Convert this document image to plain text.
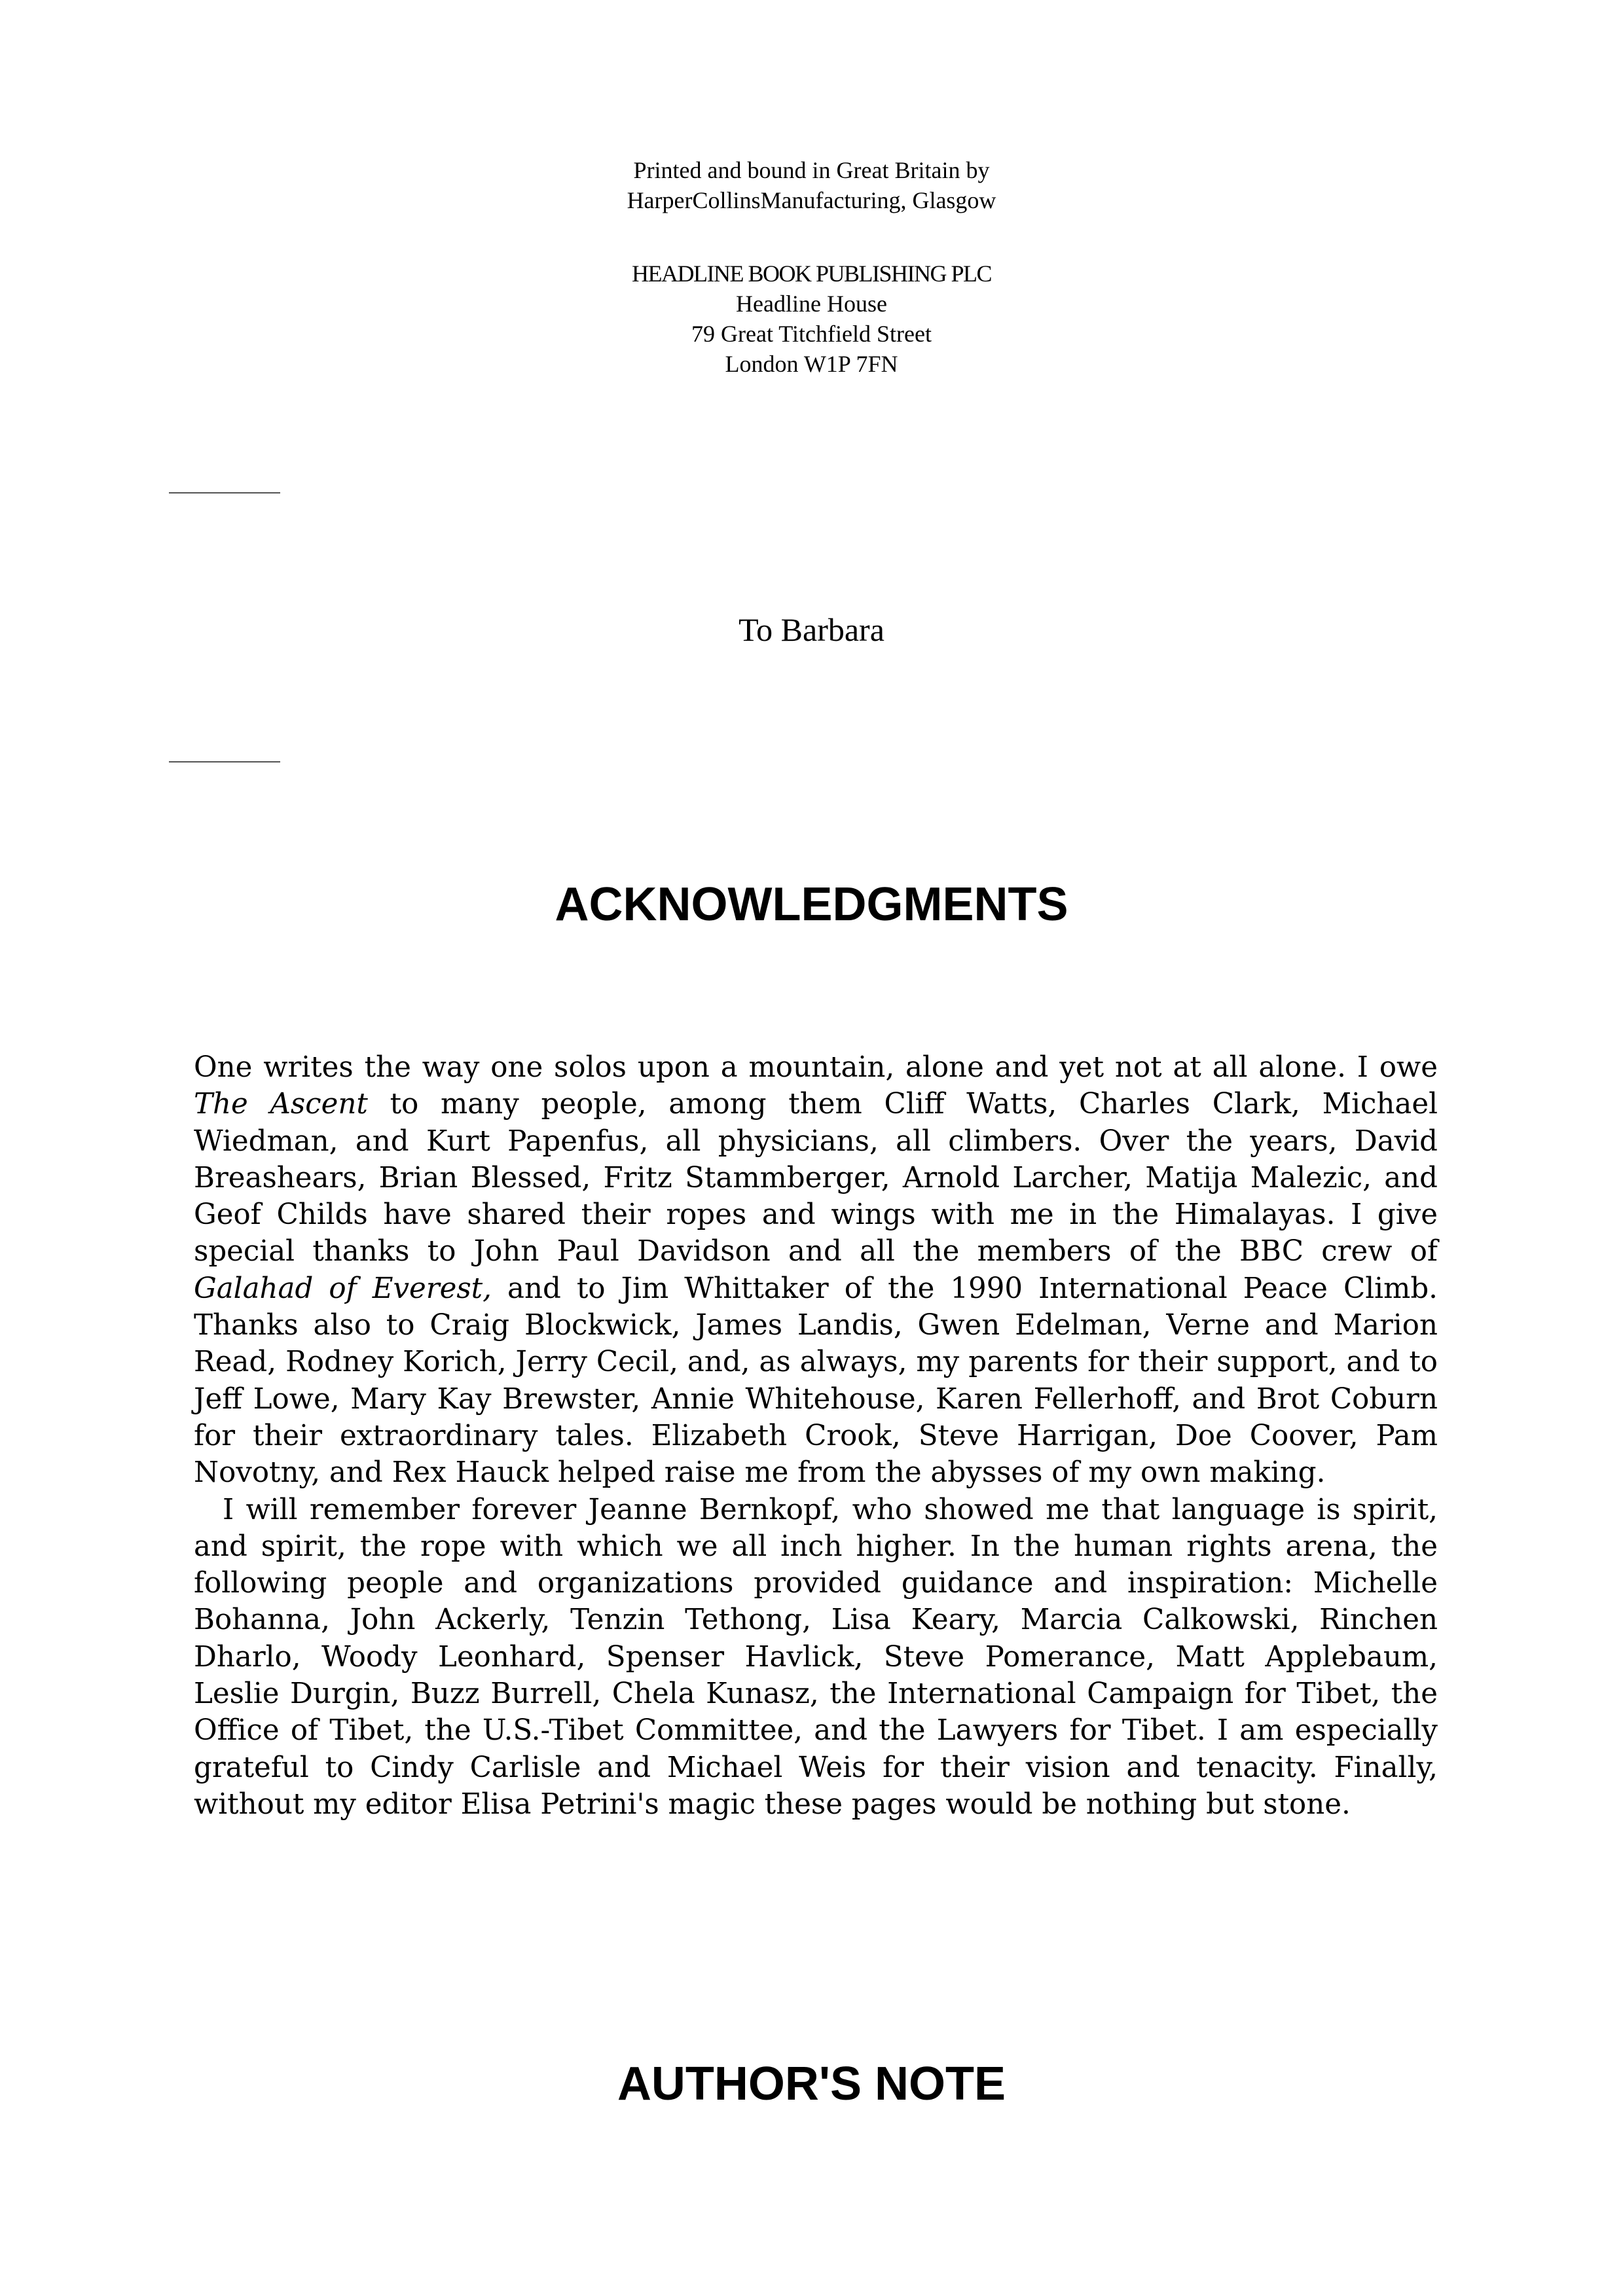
Printed and bound in Great Britain by
HarperCollinsManufacturing, Glasgow
HEADLINE BOOK PUBLISHING PLC
Headline House
79 Great Titchfield Street
London W1P 7FN
To Barbara
ACKNOWLEDGMENTS

One writes the way one solos upon a mountain, alone and yet not at all alone. I owe The Ascent to many people, among them Cliff Watts, Charles Clark, Michael Wiedman, and Kurt Papenfus, all physicians, all climbers. Over the years, David Breashears, Brian Blessed, Fritz Stammberger, Arnold Larcher, Matija Malezic, and Geof Childs have shared their ropes and wings with me in the Himalayas. I give special thanks to John Paul Davidson and all the members of the BBC crew of Galahad of Everest, and to Jim Whittaker of the 1990 International Peace Climb. Thanks also to Craig Blockwick, James Landis, Gwen Edelman, Verne and Marion Read, Rodney Korich, Jerry Cecil, and, as always, my parents for their support, and to Jeff Lowe, Mary Kay Brewster, Annie Whitehouse, Karen Fellerhoff, and Brot Coburn for their extraordinary tales. Elizabeth Crook, Steve Harrigan, Doe Coover, Pam Novotny, and Rex Hauck helped raise me from the abysses of my own making.

I will remember forever Jeanne Bernkopf, who showed me that language is spirit, and spirit, the rope with which we all inch higher. In the human rights arena, the following people and organizations provided guidance and inspiration: Michelle Bohanna, John Ackerly, Tenzin Tethong, Lisa Keary, Marcia Calkowski, Rinchen Dharlo, Woody Leonhard, Spenser Havlick, Steve Pomerance, Matt Applebaum, Leslie Durgin, Buzz Burrell, Chela Kunasz, the International Campaign for Tibet, the Office of Tibet, the U.S.-Tibet Committee, and the Lawyers for Tibet. I am especially grateful to Cindy Carlisle and Michael Weis for their vision and tenacity. Finally, without my editor Elisa Petrini's magic these pages would be nothing but stone.

AUTHOR'S NOTE
